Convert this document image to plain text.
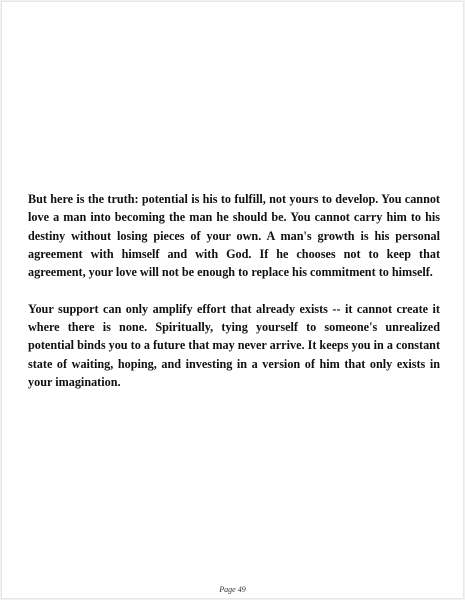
But here is the truth: potential is his to fulfill, not yours to develop. You cannot love a man into becoming the man he should be. You cannot carry him to his destiny without losing pieces of your own. A man's growth is his personal agreement with himself and with God. If he chooses not to keep that agreement, your love will not be enough to replace his commitment to himself.

Your support can only amplify effort that already exists -- it cannot create it where there is none. Spiritually, tying yourself to someone's unrealized potential binds you to a future that may never arrive. It keeps you in a constant state of waiting, hoping, and investing in a version of him that only exists in your imagination.

Page 49
